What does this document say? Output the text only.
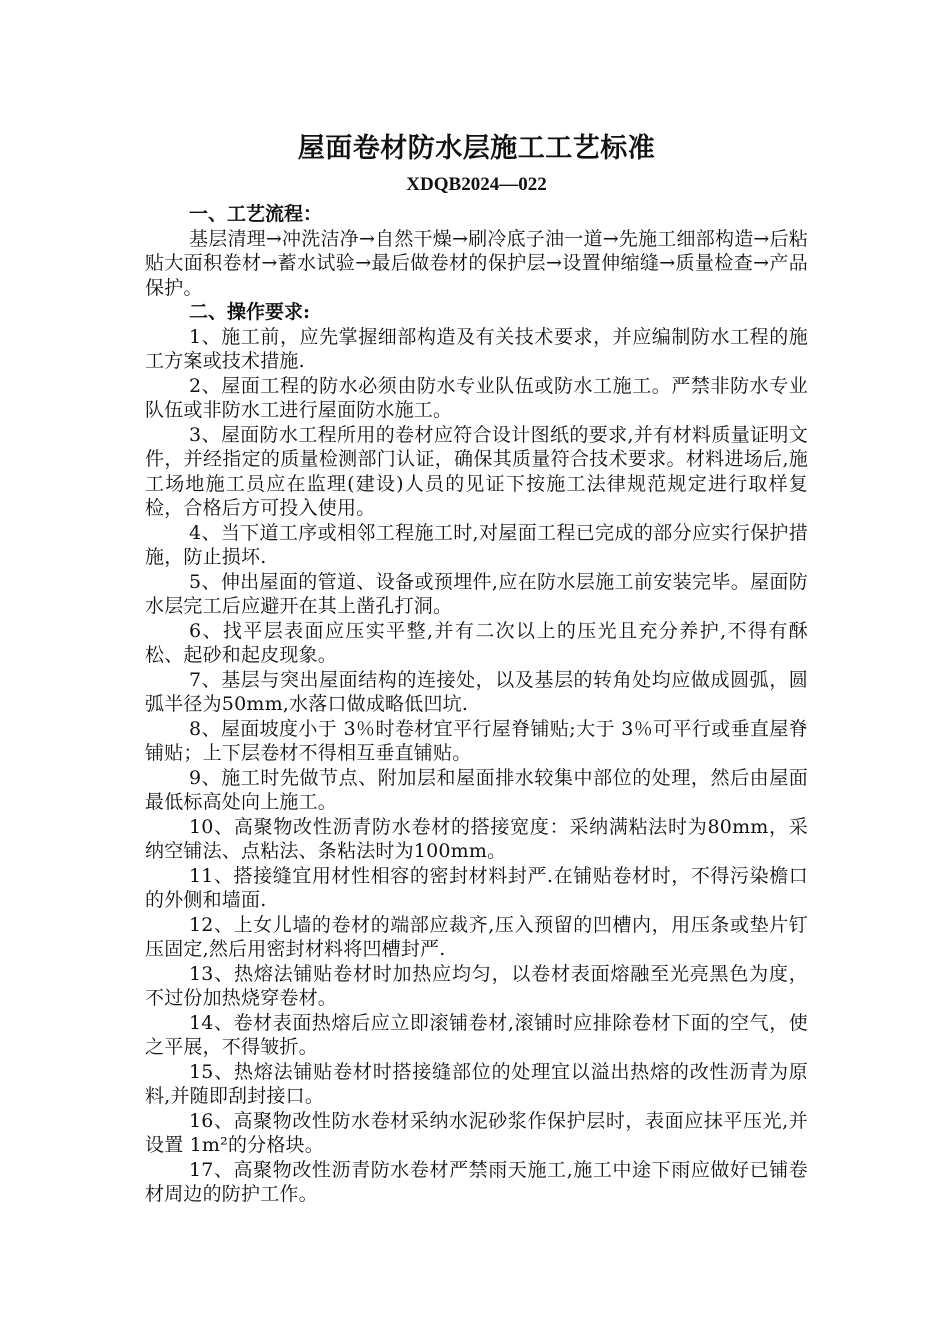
屋面卷材防水层施工工艺标准
XDQB2024—022

一、工艺流程：

基层清理→冲洗洁净→自然干燥→刷冷底子油一道→先施工细部构造→后粘贴大面积卷材→蓄水试验→最后做卷材的保护层→设置伸缩缝→质量检查→产品保护。

二、操作要求:

1、施工前，应先掌握细部构造及有关技术要求，并应编制防水工程的施工方案或技术措施.

2、屋面工程的防水必须由防水专业队伍或防水工施工。严禁非防水专业队伍或非防水工进行屋面防水施工。

3、屋面防水工程所用的卷材应符合设计图纸的要求,并有材料质量证明文件，并经指定的质量检测部门认证，确保其质量符合技术要求。材料进场后,施工场地施工员应在监理(建设)人员的见证下按施工法律规范规定进行取样复检，合格后方可投入使用。

4、当下道工序或相邻工程施工时,对屋面工程已完成的部分应实行保护措施，防止损坏.

5、伸出屋面的管道、设备或预埋件,应在防水层施工前安装完毕。屋面防水层完工后应避开在其上凿孔打洞。

6、找平层表面应压实平整,并有二次以上的压光且充分养护,不得有酥松、起砂和起皮现象。

7、基层与突出屋面结构的连接处，以及基层的转角处均应做成圆弧，圆弧半径为50mm,水落口做成略低凹坑.

8、屋面坡度小于 3％时卷材宜平行屋脊铺贴;大于 3％可平行或垂直屋脊铺贴；上下层卷材不得相互垂直铺贴。

9、施工时先做节点、附加层和屋面排水较集中部位的处理，然后由屋面最低标高处向上施工。

10、高聚物改性沥青防水卷材的搭接宽度：采纳满粘法时为80mm，采纳空铺法、点粘法、条粘法时为100mm。

11、搭接缝宜用材性相容的密封材料封严.在铺贴卷材时，不得污染檐口的外侧和墙面.

12、上女儿墙的卷材的端部应裁齐,压入预留的凹槽内，用压条或垫片钉压固定,然后用密封材料将凹槽封严.

13、热熔法铺贴卷材时加热应均匀，以卷材表面熔融至光亮黑色为度，不过份加热烧穿卷材。

14、卷材表面热熔后应立即滚铺卷材,滚铺时应排除卷材下面的空气，使之平展，不得皱折。

15、热熔法铺贴卷材时搭接缝部位的处理宜以溢出热熔的改性沥青为原料,并随即刮封接口。

16、高聚物改性防水卷材采纳水泥砂浆作保护层时，表面应抹平压光,并设置 1m²的分格块。

17、高聚物改性沥青防水卷材严禁雨天施工,施工中途下雨应做好已铺卷材周边的防护工作。
